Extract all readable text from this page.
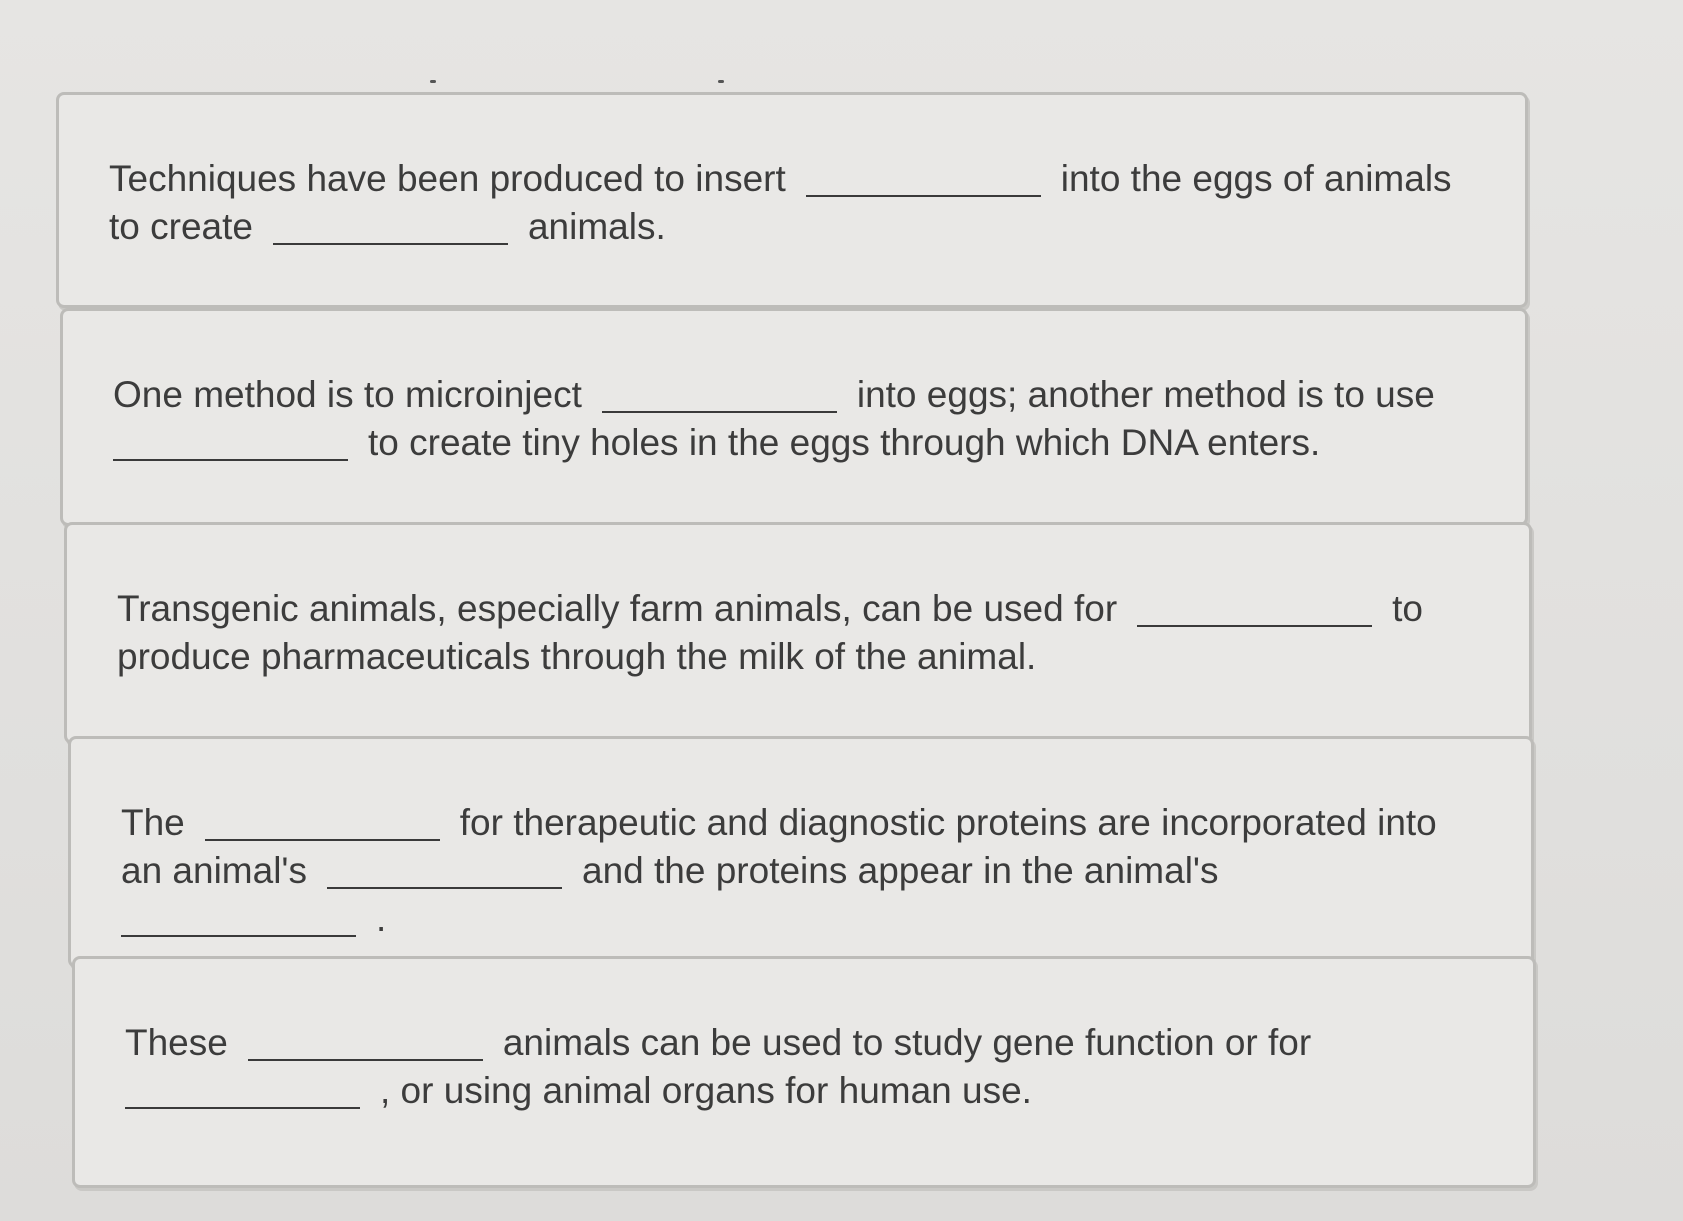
Techniques have been produced to insert	into the eggs of animals
to create	animals.
One method is to microinject	into eggs; another method is to use
to create tiny holes in the eggs through which DNA enters.
Transgenic animals, especially farm animals, can be used for	to
produce pharmaceuticals through the milk of the animal.
The	for therapeutic and diagnostic proteins are incorporated into
an animal's	and the proteins appear in the animal's
.
These	animals can be used to study gene function or for
, or using animal organs for human use.
